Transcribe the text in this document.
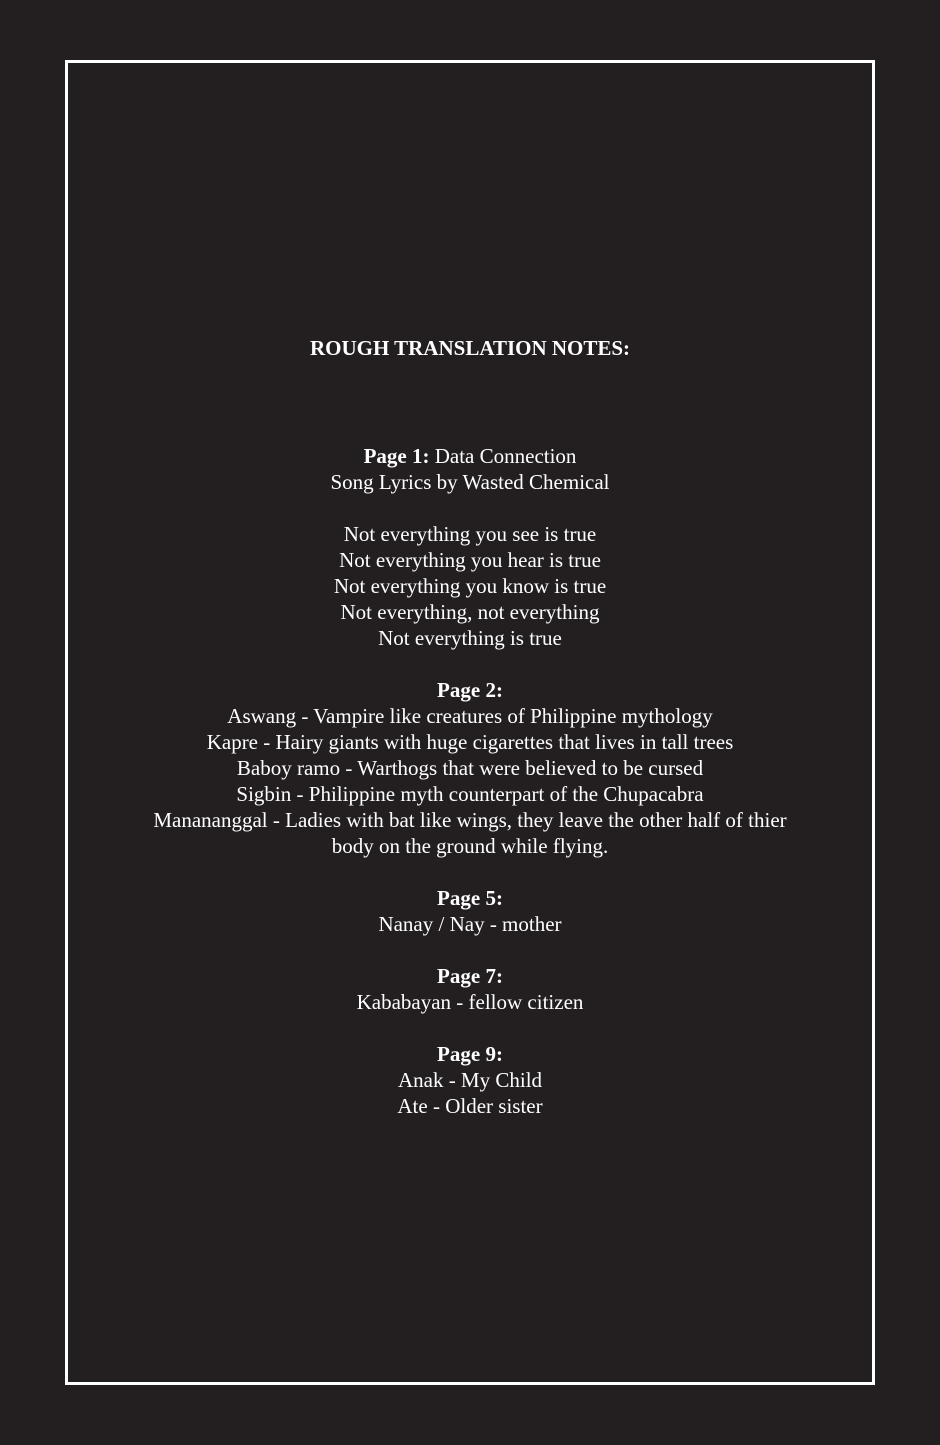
ROUGH TRANSLATION NOTES:

Page 1: Data Connection
Song Lyrics by Wasted Chemical
Not everything you see is true
Not everything you hear is true
Not everything you know is true
Not everything, not everything
Not everything is true
Page 2:
Aswang - Vampire like creatures of Philippine mythology
Kapre - Hairy giants with huge cigarettes that lives in tall trees
Baboy ramo - Warthogs that were believed to be cursed
Sigbin - Philippine myth counterpart of the Chupacabra
Manananggal - Ladies with bat like wings, they leave the other half of thier
body on the ground while flying.
Page 5:
Nanay / Nay - mother
Page 7:
Kababayan - fellow citizen
Page 9:
Anak - My Child
Ate - Older sister
